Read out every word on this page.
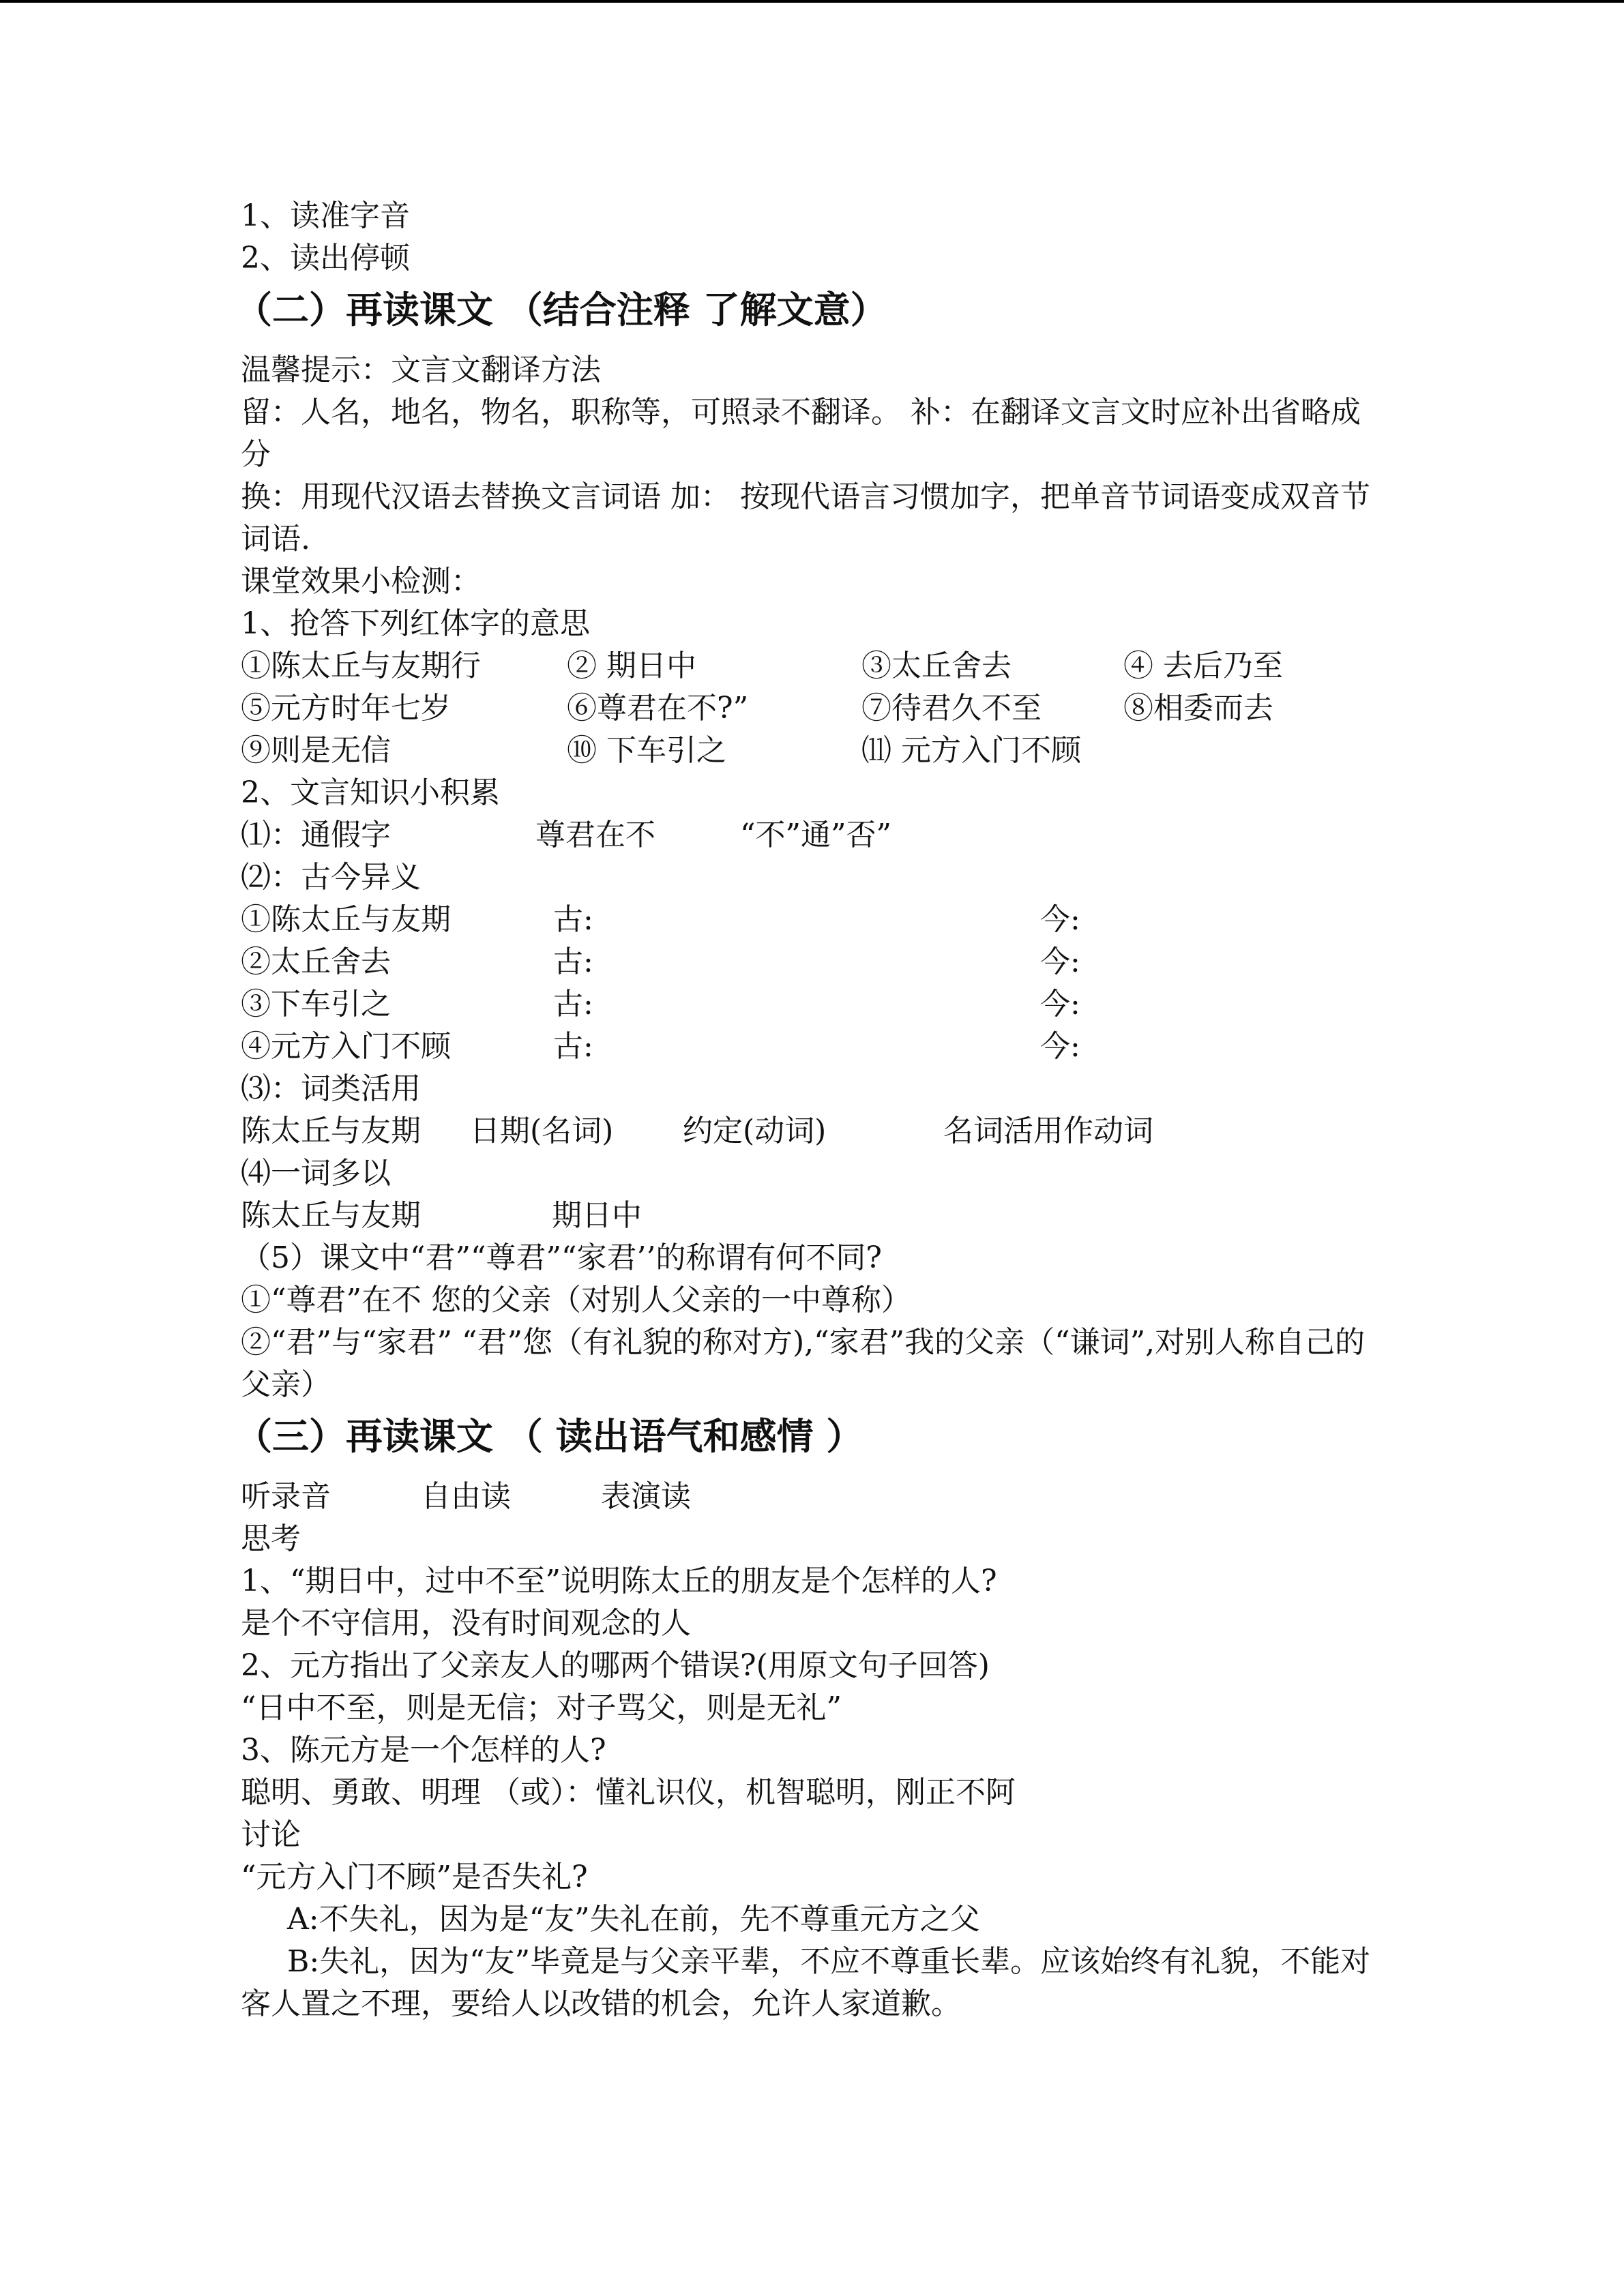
1、读准字音
2、读出停顿
（二）再读课文 （结合注释 了解文意）
温馨提示：文言文翻译方法
留：人名，地名，物名，职称等，可照录不翻译。 补：在翻译文言文时应补出省略成分
换：用现代汉语去替换文言词语 加： 按现代语言习惯加字，把单音节词语变成双音节词语.
课堂效果小检测：
1、抢答下列红体字的意思
①陈太丘与友期行	② 期日中	③太丘舍去	④ 去后乃至
⑤元方时年七岁	⑥尊君在不?”	⑦待君久不至	⑧相委而去
⑨则是无信	⑩ 下车引之	⑾ 元方入门不顾
2、文言知识小积累
⑴：通假字	尊君在不	“不”通”否”
⑵：古今异义
①陈太丘与友期	古:	今:
②太丘舍去	古:	今:
③下车引之	古:	今:
④元方入门不顾	古:	今:
⑶：词类活用
陈太丘与友期 日期(名词) 约定(动词)	名词活用作动词
⑷一词多以
陈太丘与友期	期日中
（5）课文中“君”“尊君”“家君’’的称谓有何不同?
①“尊君”在不 您的父亲（对别人父亲的一中尊称）
②“君”与“家君” “君”您（有礼貌的称对方),“家君”我的父亲（“谦词”,对别人称自己的父亲）
（三）再读课文 （ 读出语气和感情 ）
听录音	自由读	表演读
思考
1、“期日中，过中不至”说明陈太丘的朋友是个怎样的人?
是个不守信用，没有时间观念的人
2、元方指出了父亲友人的哪两个错误?(用原文句子回答)
“日中不至，则是无信；对子骂父，则是无礼”
3、陈元方是一个怎样的人?
聪明、勇敢、明理 （或）：懂礼识仪，机智聪明，刚正不阿
讨论
“元方入门不顾”是否失礼?
A:不失礼，因为是“友”失礼在前，先不尊重元方之父
B:失礼，因为“友”毕竟是与父亲平辈，不应不尊重长辈。应该始终有礼貌，不能对客人置之不理，要给人以改错的机会，允许人家道歉。
